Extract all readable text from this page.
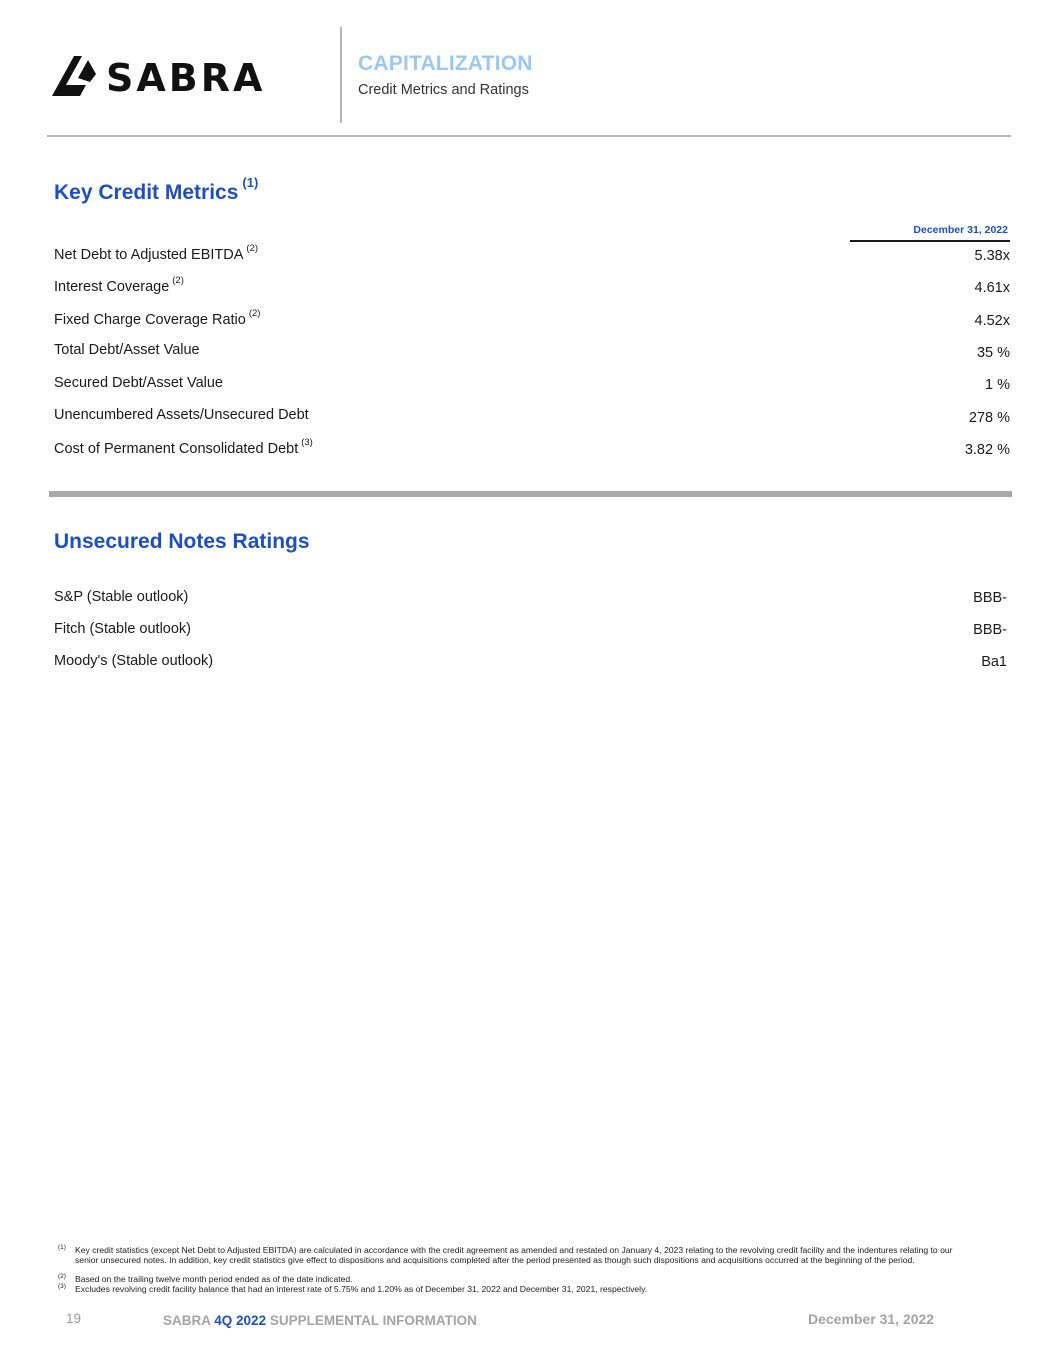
SABRA	CAPITALIZATION
Credit Metrics and Ratings
Key Credit Metrics $^{(1)}$
December 31, 2022
Net Debt to Adjusted EBITDA $^{(2)}$	5.38x
Interest Coverage $^{(2)}$	4.61x
Fixed Charge Coverage Ratio $^{(2)}$	4.52x
Total Debt/Asset Value	35 %
Secured Debt/Asset Value	1 %
Unencumbered Assets/Unsecured Debt	278 %
Cost of Permanent Consolidated Debt $^{(3)}$	3.82 %
Unsecured Notes Ratings
S&P (Stable outlook)	BBB-
Fitch (Stable outlook)	BBB-
Moody's (Stable outlook)	Ba1
(1) Key credit statistics (except Net Debt to Adjusted EBITDA) are calculated in accordance with the credit agreement as amended and restated on January 4, 2023 relating to the revolving credit facility and the indentures relating to our senior unsecured notes. In addition, key credit statistics give effect to dispositions and acquisitions completed after the period presented as though such dispositions and acquisitions occurred at the beginning of the period.
(2) Based on the trailing twelve month period ended as of the date indicated.
(3) Excludes revolving credit facility balance that had an interest rate of 5.75% and 1.20% as of December 31, 2022 and December 31, 2021, respectively.
19	SABRA 4Q 2022 SUPPLEMENTAL INFORMATION	December 31, 2022
